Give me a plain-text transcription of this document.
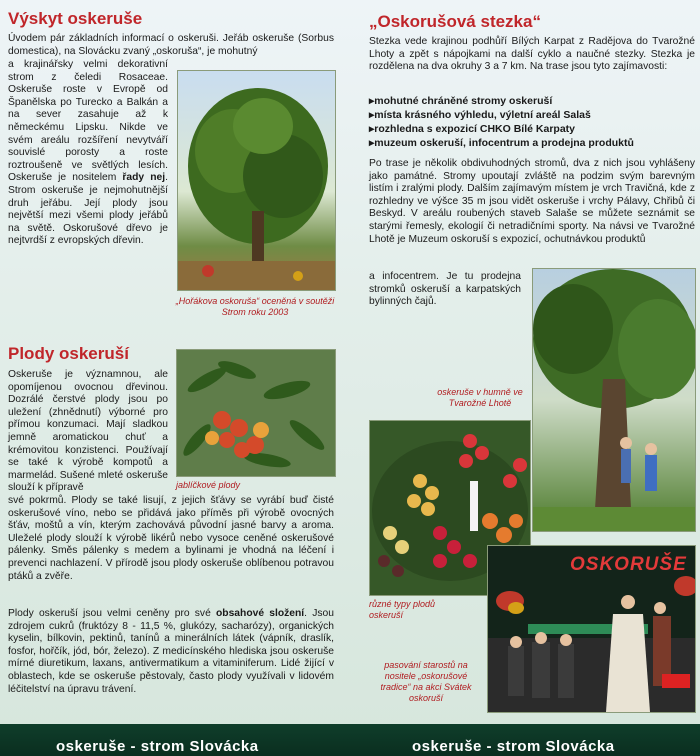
Výskyt oskeruše

Úvodem pár základních informací o oskeruši. Jeřáb oskeruše (Sorbus domestica), na Slovácku zvaný „oskoruša“, je mohutný

a krajinářsky velmi dekorativní strom z čeledi Rosaceae. Oskeruše roste v Evropě od Španělska po Turecko a Balkán a na sever zasahuje až k německému Lipsku. Nikde ve svém areálu rozšíření nevytváří souvislé porosty a roste roztroušeně ve světlých lesích. Oskeruše je nositelem řady nej. Strom oskeruše je nejmohutnější druh jeřábu. Její plody jsou největší mezi všemi plody jeřábů na světě. Oskorušové dřevo je nejtvrdší z evropských dřevin.

„Hořákova oskoruša“ oceněná v soutěži Strom roku 2003
Plody oskeruší

Oskeruše je významnou, ale opomíjenou ovocnou dřevinou. Dozrálé čerstvé plody jsou po uležení (zhnědnutí) výborné pro přímou konzumaci. Mají sladkou jemně aromatickou chuť a krémovitou konzistenci. Používají se také k výrobě kompotů a marmelád. Sušené mleté oskeruše slouží k přípravě	jablíčkové plody

své pokrmů. Plody se také lisují, z jejich šťávy se vyrábí buď čisté oskerušové víno, nebo se přidává jako příměs při výrobě ovocných šťáv, moštů a vín, kterým zachovává původní jasné barvy a aroma. Uleželé plody slouží k výrobě likérů nebo vysoce ceněné oskerušové pálenky. Směs pálenky s medem a bylinami je vhodná na léčení i prevenci nachlazení. V přírodě jsou plody oskeruše oblíbenou potravou ptáků a zvěře.

Plody oskeruší jsou velmi ceněny pro své obsahové složení. Jsou zdrojem cukrů (fruktózy 8 - 11,5 %, glukózy, sacharózy), organických kyselin, bílkovin, pektinů, tanínů a minerálních látek (vápník, draslík, fosfor, hořčík, jód, bór, železo). Z medicínského hlediska jsou oskeruše mírné diuretikum, laxans, antivermatikum a vitaminiferum. Lidé žijící v oblastech, kde se oskeruše pěstovaly, často plody využívali v lidovém léčitelství na úpravu trávení.

„Oskorušová stezka“

Stezka vede krajinou podhůří Bílých Karpat z Radějova do Tvarožné Lhoty a zpět s nápojkami na další cyklo a naučné stezky. Stezka je rozdělena na dva okruhy 3 a 7 km. Na trase jsou tyto zajímavosti:

▸ mohutné chráněné stromy oskeruší
▸ místa krásného výhledu, výletní areál Salaš
▸ rozhledna s expozicí CHKO Bílé Karpaty
▸ muzeum oskeruší, infocentrum a prodejna produktů

Po trase je několik obdivuhodných stromů, dva z nich jsou vyhlášeny jako památné. Stromy upoutají zvláště na podzim svým barevným listím i zralými plody. Dalším zajímavým místem je vrch Travičná, kde z rozhledny ve výšce 35 m jsou vidět oskeruše i vrchy Pálavy, Chřibů či Beskyd. V areálu roubených staveb Salaše se můžete seznámit se starými řemesly, ekologií či netradičními sporty. Na návsi ve Tvarožné Lhotě je Muzeum oskoruší s expozicí, ochutnávkou produktů

a infocentrem. Je tu prodejna stromků oskeruší a karpatských bylinných čajů.

oskeruše v humně ve Tvarožné Lhotě
různé typy plodů oskeruší
OSKORUŠE
pasování starostů na nositele „oskorušové tradice“ na akci Svátek oskoruší
oskeruše - strom Slovácka	oskeruše - strom Slovácka
